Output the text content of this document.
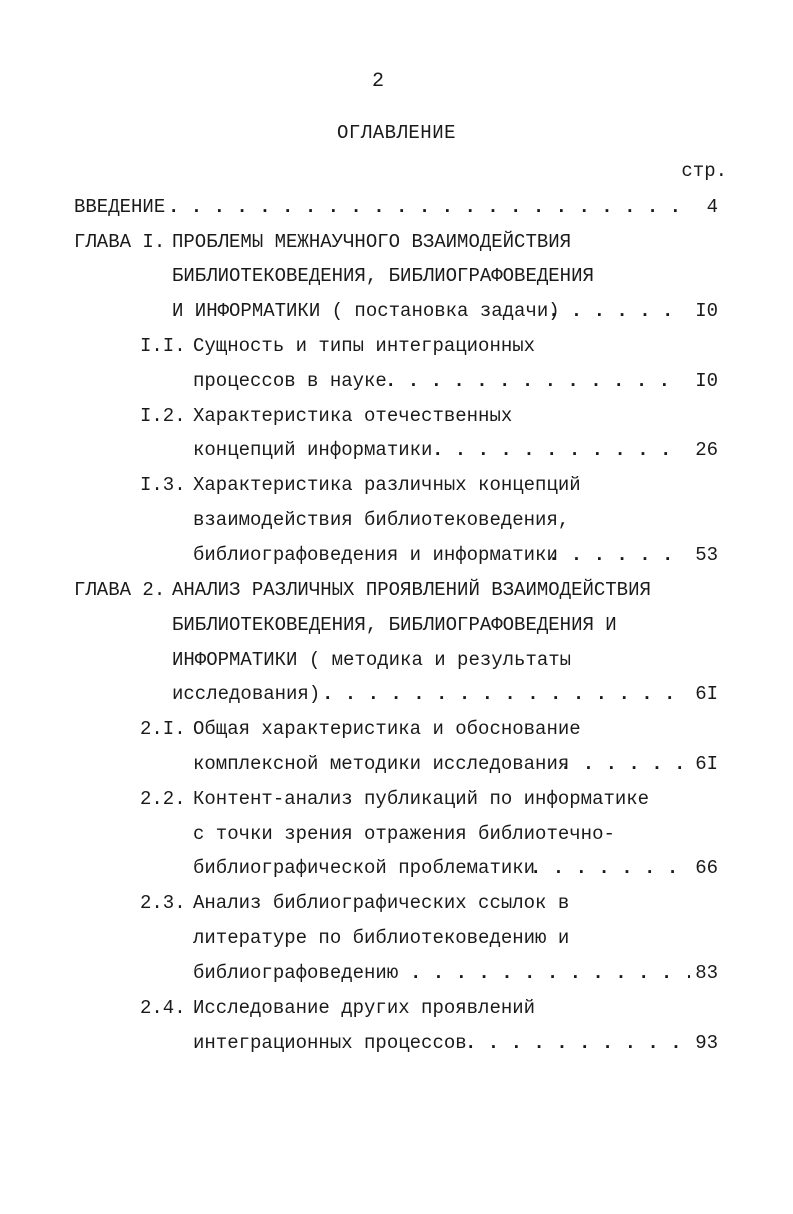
2
ОГЛАВЛЕНИЕ
стр.
ВВЕДЕНИЕ . . .	4
ГЛАВА I. ПРОБЛЕМЫ МЕЖНАУЧНОГО ВЗАИМОДЕЙСТВИЯ
БИБЛИОТЕКОВЕДЕНИЯ, БИБЛИОГРАФОВЕДЕНИЯ
И ИНФОРМАТИКИ ( постановка задачи) . . .	I0
I.I. Сущность и типы интеграционных
процессов в науке . . .	I0
I.2. Характеристика отечественных
концепций информатики . . .	26
I.3. Характеристика различных концепций
взаимодействия библиотековедения,
библиографоведения и информатики . . .	53
ГЛАВА 2. АНАЛИЗ РАЗЛИЧНЫХ ПРОЯВЛЕНИЙ ВЗАИМОДЕЙСТВИЯ
БИБЛИОТЕКОВЕДЕНИЯ, БИБЛИОГРАФОВЕДЕНИЯ И
ИНФОРМАТИКИ ( методика и результаты
исследования) . . .	6I
2.I. Общая характеристика и обоснование
комплексной методики исследования . . .	6I
2.2. Контент-анализ публикаций по информатике
с точки зрения отражения библиотечно-
библиографической проблематики . . .	66
2.3. Анализ библиографических ссылок в
литературе по библиотековедению и
библиографоведению . . .	83
2.4. Исследование других проявлений
интеграционных процессов . . .	93
